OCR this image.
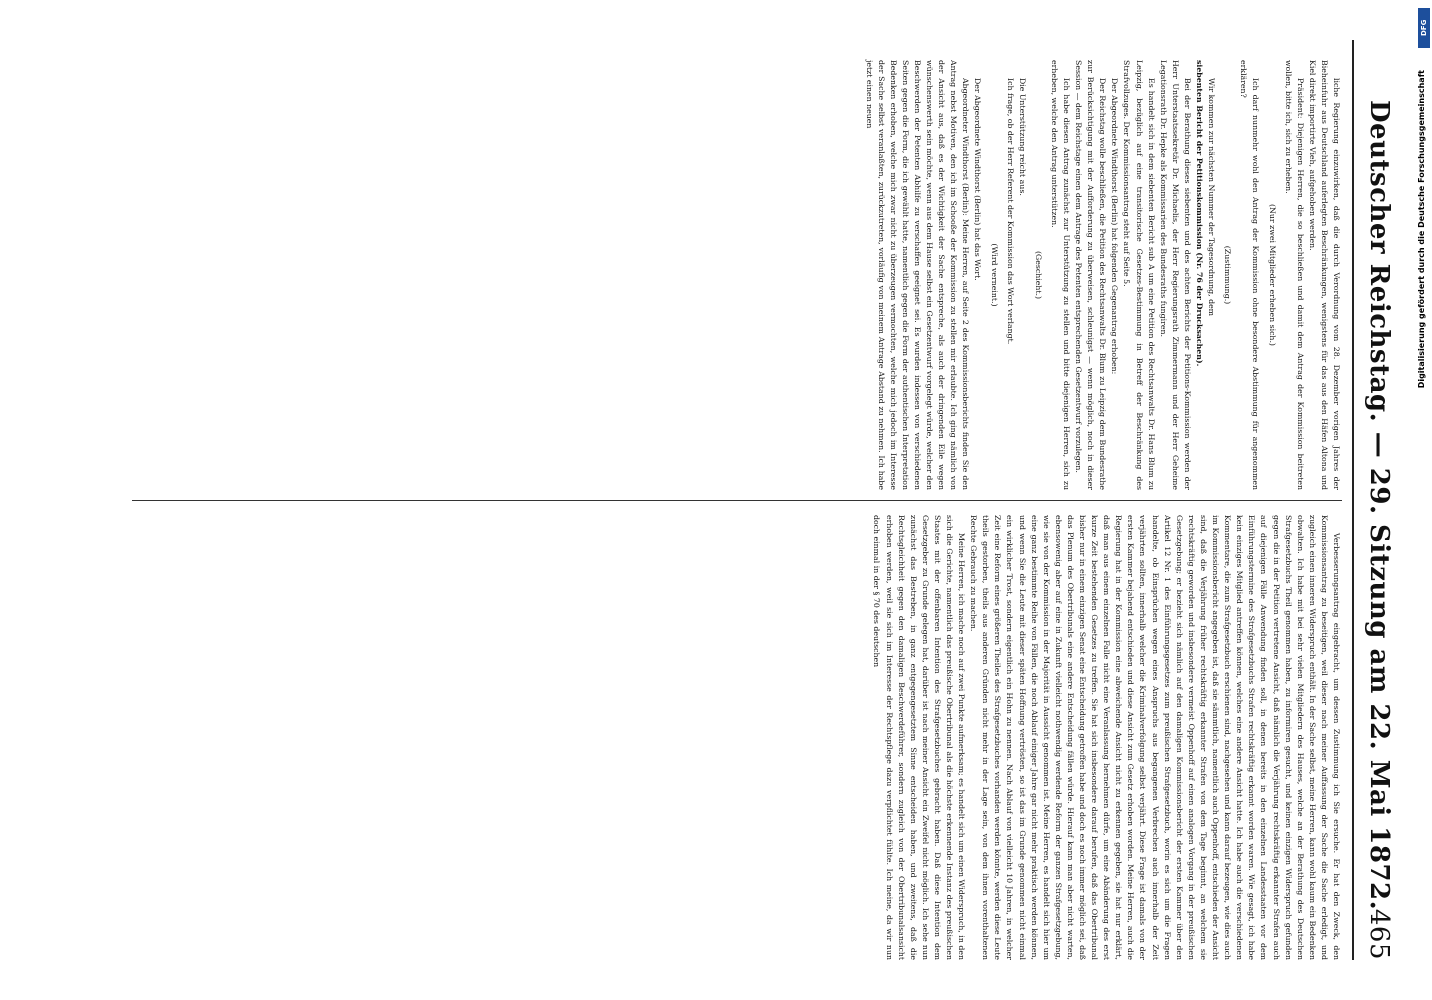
Deutscher Reichstag. — 29. Sitzung am 22. Mai 1872.
465

liche Regierung einzuwirken, daß die durch Verordnung vom 28. Dezember vorigen Jahres der Bieheinfuhr aus Deutschland auferlegten Beschränkungen, wenigstens für das aus den Häfen Altona und Kiel direkt importirte Vieh, aufgehoben werden.

Präsident: Diejenigen Herren, die so beschließen und damit dem Antrag der Kommission beitreten wollen, bitte ich, sich zu erheben.

(Nur zwei Mitglieder erheben sich.)

Ich darf nunmehr wohl den Antrag der Kommission ohne besondere Abstimmung für angenommen erklären?

(Zustimmung.)

Wir kommen zur nächsten Nummer der Tagesordnung, dem

siebenten Bericht der Petitionskommission (Nr. 76 der Drucksachen).

Bei der Berathung dieses siebenten und des achten Berichts der Petitions-Kommission werden der Herr Unterstaatssekretär Dr. Michaelis, der Herr Regierungsrath Zimmermann und der Herr Geheime Legationsrath Dr. Hepke als Kommissarien des Bundesraths fungiren.

Es handelt sich in dem siebenten Bericht sub A um eine Petition des Rechtsanwalts Dr. Hans Blum zu Leipzig, bezüglich auf eine transitorische Gesetzes-Bestimmung in Betreff der Beschränkung des Strafvollzuges. Der Kommissionsantrag steht auf Seite 5.

Der Abgeordnete Windthorst (Berlin) hat folgenden Gegenantrag erhoben:

Der Reichstag wolle beschließen, die Petition des Rechtsanwalts Dr. Blum zu Leipzig dem Bundesrathe zur Berücksichtigung mit der Aufforderung zu überweisen, schleunigst — wenn möglich, noch in dieser Session — dem Reichstage einen dem Antrage des Petenten entsprechenden Gesetzentwurf vorzulegen.

Ich habe diesen Antrag zunächst zur Unterstützung zu stellen und bitte diejenigen Herren, sich zu erheben, welche den Antrag unterstützen.

(Geschieht.)

Die Unterstützung reicht aus.

Ich frage, ob der Herr Referent der Kommission das Wort verlangt.

(Wird verneint.)

Der Abgeordnete Windthorst (Berlin) hat das Wort.

Abgeordneter Windthorst (Berlin): Meine Herren, auf Seite 2 des Kommissionsberichts finden Sie den Antrag nebst Motiven, den ich im Schooße der Kommission zu stellen mir erlaubte. Ich ging nämlich von der Ansicht aus, daß es der Wichtigkeit der Sache entspreche, als auch der dringenden Eile wegen wünschenswerth sein möchte, wenn aus dem Hause selbst ein Gesetzentwurf vorgelegt würde, welcher den Beschwerden der Petenten Abhilfe zu verschaffen geeignet sei. Es wurden indessen von verschiedenen Seiten gegen die Form, die ich gewählt hatte, namentlich gegen die Form der authentischen Interpretation Bedenken erhoben, welche mich zwar nicht zu überzeugen vermochten, welche mich jedoch im Interesse der Sache selbst veranlaßten, zurückzutreten, vorläufig von meinem Antrage Abstand zu nehmen. Ich habe jetzt einen neuen

Verbesserungsantrag eingebracht, um dessen Zustimmung ich Sie ersuche. Er hat den Zweck, den Kommissionsantrag zu beseitigen, weil dieser nach meiner Auffassung der Sache die Sache erledigt, und zugleich einen inneren Widerspruch enthält. In der Sache selbst, meine Herren, kann wohl kaum ein Bedenken obwalten. Ich habe mit bei sehr vielen Mitgliedern des Hauses, welche an der Berathung des Deutschen Strafgesetzbuchs Theil genommen haben, zu informiren gesucht, und keinen einzigen Widerspruch gefunden gegen die in der Petition vertretene Ansicht, daß nämlich die Verjährung rechtskräftig erkannter Strafen auch auf diejenigen Fälle Anwendung finden soll, in denen bereits in den einzelnen Landesstaaten vor dem Einführungstermine des Strafgesetzbuchs Strafen rechtskräftig erkannt worden waren. Wie gesagt, ich habe kein einziges Mitglied antreffen können, welches eine andere Ansicht hatte. Ich habe auch die verschiedenen Kommentare, die zum Strafgesetzbuch erschienen sind, nachgesehen und kann darauf bezeugen, wie dies auch im Kommissionsbericht angegeben ist, daß sie sämmtlich, namentlich auch Oppenhoff, entschieden der Ansicht sind, daß die Verjährung früher rechtskräftig erkannter Strafen von dem Tage beginnt, an welchem sie rechtskräftig geworden und insbesondere vermeist Oppenhoff auf einen analogen Vorgang in der preußischen Gesetzgebung; er bezieht sich nämlich auf den damaligen Kommissionsbericht der ersten Kammer über den Artikel 12 Nr. 1 des Einführungsgesetzes zum preußischen Strafgesetzbuch, worin es sich um die Fragen handelte, ob Einsprüchen wegen eines Anspruchs aus begangenen Verbrechen auch innerhalb der Zeit verjährten sollten, innerhalb welcher die Kriminalverfolgung selbst verjährt. Diese Frage ist damals von der ersten Kammer bejahend entschieden und diese Ansicht zum Gesetz erhoben worden. Meine Herren, auch die Regierung hat in der Kommission eine abweichende Ansicht nicht zu erkennen gegeben, sie hat nur erklärt, daß man aus einem einzelnen Falle nicht eine Veranlassung hernehmen dürfe, um eine Abänderung des erst kurze Zeit bestehenden Gesetzes zu treffen. Sie hat sich insbesondere darauf berufen, daß das Obertribunal bisher nur in einem einzigen Senat eine Entscheidung getroffen habe und doch es noch immer möglich sei, daß das Plenum des Obertribunals eine andere Entscheidung fällen würde. Hierauf kann man aber nicht warten, ebensowenig aber auf eine in Zukunft vielleicht nothwendig werdende Reform der ganzen Strafgesetzgebung, wie sie von der Kommission in der Majorität in Aussicht genommen ist. Meine Herren, es handelt sich hier um eine ganz bestimmte Reihe von Fällen, die noch Ablauf einiger Jahre gar nicht mehr praktisch werden können, und wenn Sie die Leute mit dieser späten Hoffnung vertrösten, so ist das im Grunde genommen nicht einmal ein wirklicher Trost, sondern eigentlich ein Hohn zu nennen. Nach Ablauf von vielleicht 10 Jahren, in welcher Zeit eine Reform eines größeren Theiles des Strafgesetzbuches vorhanden werden könnte, werden diese Leute theils gestorben, theils aus anderen Gründen nicht mehr in der Lage sein, von dem ihnen vorenthaltenen Rechte Gebrauch zu machen.

Meine Herren, ich mache noch auf zwei Punkte aufmerksam; es handelt sich um einen Widerspruch, in den sich die Gerichte, namentlich das preußische Obertribunal als die höchste erkennende Instanz des preußischen Staates mit der offenbaren Intention des Strafgesetzbuches gebracht haben. Daß diese Intention dem Gesetzgeber zu Grunde gelegen hat, darüber ist nach meiner Ansicht ein Zweifel nicht möglich. Ich sehe nun zunächst das Bestreben, in ganz entgegengesetztem Sinne entscheiden haben, und zweitens, daß die Rechtsgleichheit gegen den damaligen Beschwerdeführer, sondern zugleich von der Obertribunalsansicht erhoben werden, weil sie sich im Interesse der Rechtspflege dazu verpflichtet fühlte. Ich meine, da wir nun doch einmal in der § 70 des deutschen

DFG
Digitalisierung gefördert durch die Deutsche Forschungsgemeinschaft
